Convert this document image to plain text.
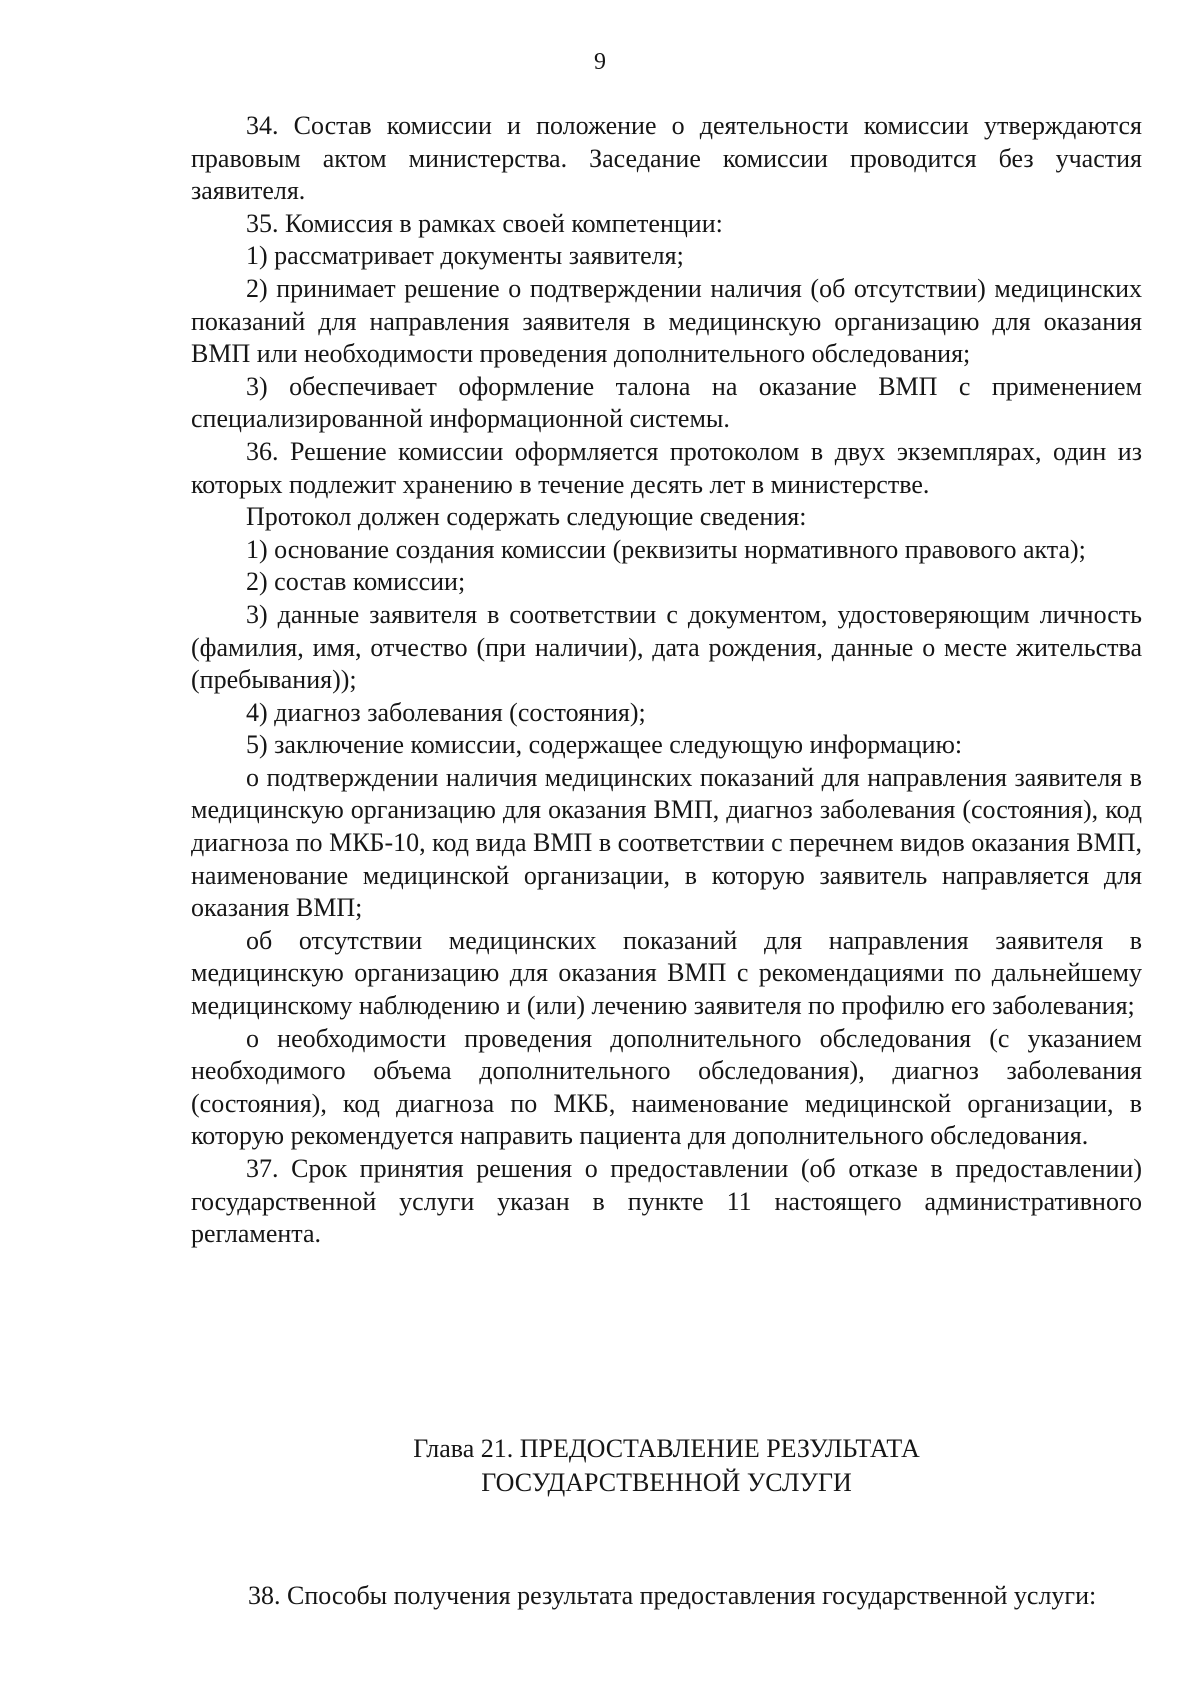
9

34. Состав комиссии и положение о деятельности комиссии утверждаются правовым актом министерства. Заседание комиссии проводится без участия заявителя.

35. Комиссия в рамках своей компетенции:

1) рассматривает документы заявителя;

2) принимает решение о подтверждении наличия (об отсутствии) медицинских показаний для направления заявителя в медицинскую организацию для оказания ВМП или необходимости проведения дополнительного обследования;

3) обеспечивает оформление талона на оказание ВМП с применением специализированной информационной системы.

36. Решение комиссии оформляется протоколом в двух экземплярах, один из которых подлежит хранению в течение десять лет в министерстве.

Протокол должен содержать следующие сведения:

1) основание создания комиссии (реквизиты нормативного правового акта);

2) состав комиссии;

3) данные заявителя в соответствии с документом, удостоверяющим личность (фамилия, имя, отчество (при наличии), дата рождения, данные о месте жительства (пребывания));

4) диагноз заболевания (состояния);

5) заключение комиссии, содержащее следующую информацию:

о подтверждении наличия медицинских показаний для направления заявителя в медицинскую организацию для оказания ВМП, диагноз заболевания (состояния), код диагноза по МКБ-10, код вида ВМП в соответствии с перечнем видов оказания ВМП, наименование медицинской организации, в которую заявитель направляется для оказания ВМП;

об отсутствии медицинских показаний для направления заявителя в медицинскую организацию для оказания ВМП с рекомендациями по дальнейшему медицинскому наблюдению и (или) лечению заявителя по профилю его заболевания;

о необходимости проведения дополнительного обследования (с указанием необходимого объема дополнительного обследования), диагноз заболевания (состояния), код диагноза по МКБ, наименование медицинской организации, в которую рекомендуется направить пациента для дополнительного обследования.

37. Срок принятия решения о предоставлении (об отказе в предоставлении) государственной услуги указан в пункте 11 настоящего административного регламента.

Глава 21. ПРЕДОСТАВЛЕНИЕ РЕЗУЛЬТАТА
ГОСУДАРСТВЕННОЙ УСЛУГИ

38. Способы получения результата предоставления государственной услуги:
